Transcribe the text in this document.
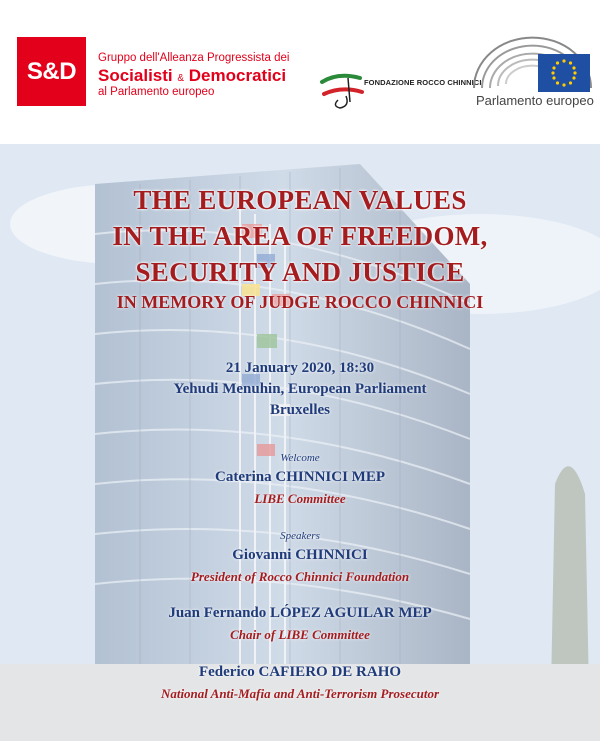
S&D	Gruppo dell'Alleanza Progressista dei
Socialisti & Democratici
al Parlamento europeo
FONDAZIONE ROCCO CHINNICI
Parlamento europeo
THE EUROPEAN VALUES
IN THE AREA OF FREEDOM,
SECURITY AND JUSTICE
IN MEMORY OF JUDGE ROCCO CHINNICI
21 January 2020, 18:30
Yehudi Menuhin, European Parliament
Bruxelles
Welcome
Caterina CHINNICI MEP
LIBE Committee
Speakers
Giovanni CHINNICI
President of Rocco Chinnici Foundation
Juan Fernando LÓPEZ AGUILAR MEP
Chair of LIBE Committee
Federico CAFIERO DE RAHO
National Anti-Mafia and Anti-Terrorism Prosecutor
